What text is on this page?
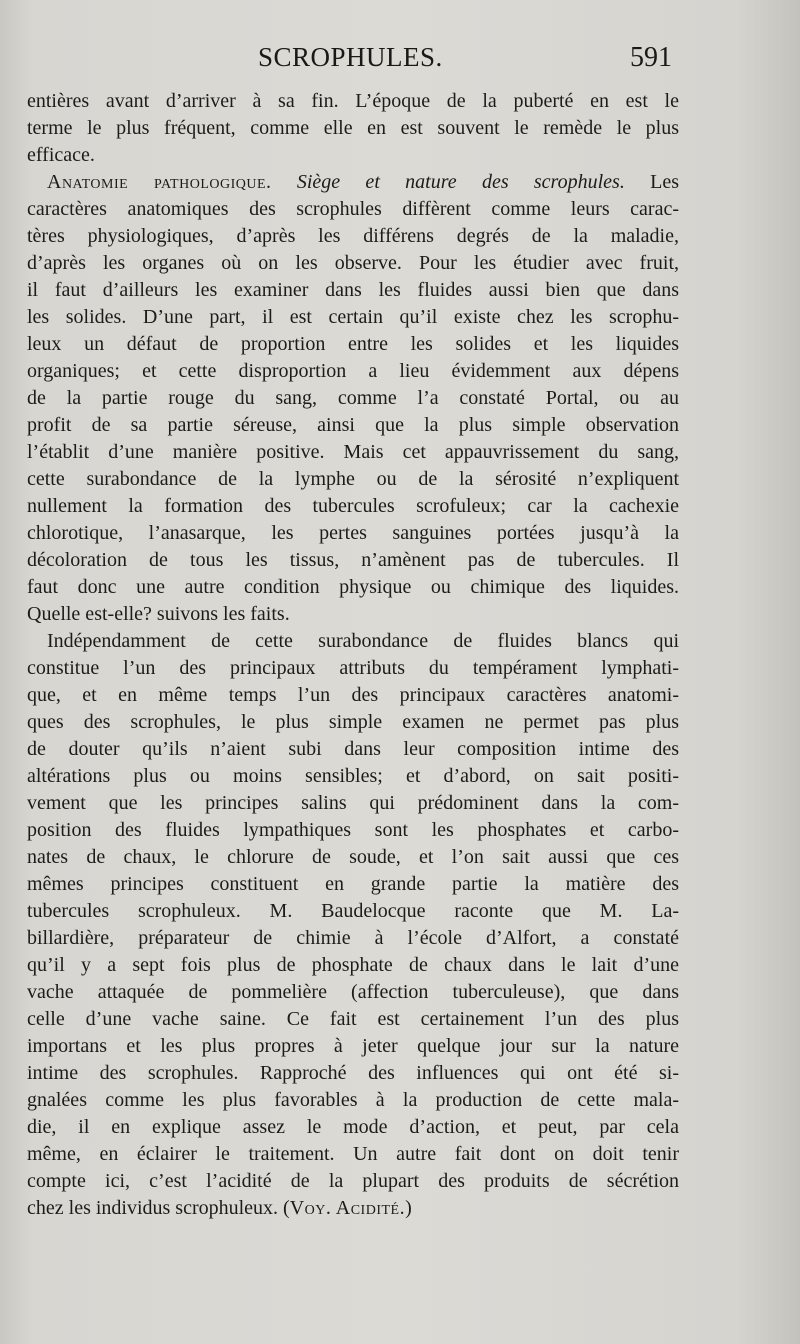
SCROPHULES.	591
entières avant d’arriver à sa fin. L’époque de la puberté en est le
terme le plus fréquent, comme elle en est souvent le remède le plus
efficace.
Anatomie pathologique. Siège et nature des scrophules. Les
caractères anatomiques des scrophules diffèrent comme leurs carac-
tères physiologiques, d’après les différens degrés de la maladie,
d’après les organes où on les observe. Pour les étudier avec fruit,
il faut d’ailleurs les examiner dans les fluides aussi bien que dans
les solides. D’une part, il est certain qu’il existe chez les scrophu-
leux un défaut de proportion entre les solides et les liquides
organiques; et cette disproportion a lieu évidemment aux dépens
de la partie rouge du sang, comme l’a constaté Portal, ou au
profit de sa partie séreuse, ainsi que la plus simple observation
l’établit d’une manière positive. Mais cet appauvrissement du sang,
cette surabondance de la lymphe ou de la sérosité n’expliquent
nullement la formation des tubercules scrofuleux; car la cachexie
chlorotique, l’anasarque, les pertes sanguines portées jusqu’à la
décoloration de tous les tissus, n’amènent pas de tubercules. Il
faut donc une autre condition physique ou chimique des liquides.
Quelle est-elle? suivons les faits.
Indépendamment de cette surabondance de fluides blancs qui
constitue l’un des principaux attributs du tempérament lymphati-
que, et en même temps l’un des principaux caractères anatomi-
ques des scrophules, le plus simple examen ne permet pas plus
de douter qu’ils n’aient subi dans leur composition intime des
altérations plus ou moins sensibles; et d’abord, on sait positi-
vement que les principes salins qui prédominent dans la com-
position des fluides lympathiques sont les phosphates et carbo-
nates de chaux, le chlorure de soude, et l’on sait aussi que ces
mêmes principes constituent en grande partie la matière des
tubercules scrophuleux. M. Baudelocque raconte que M. La-
billardière, préparateur de chimie à l’école d’Alfort, a constaté
qu’il y a sept fois plus de phosphate de chaux dans le lait d’une
vache attaquée de pommelière (affection tuberculeuse), que dans
celle d’une vache saine. Ce fait est certainement l’un des plus
importans et les plus propres à jeter quelque jour sur la nature
intime des scrophules. Rapproché des influences qui ont été si-
gnalées comme les plus favorables à la production de cette mala-
die, il en explique assez le mode d’action, et peut, par cela
même, en éclairer le traitement. Un autre fait dont on doit tenir
compte ici, c’est l’acidité de la plupart des produits de sécrétion
chez les individus scrophuleux. (Voy. Acidité.)
